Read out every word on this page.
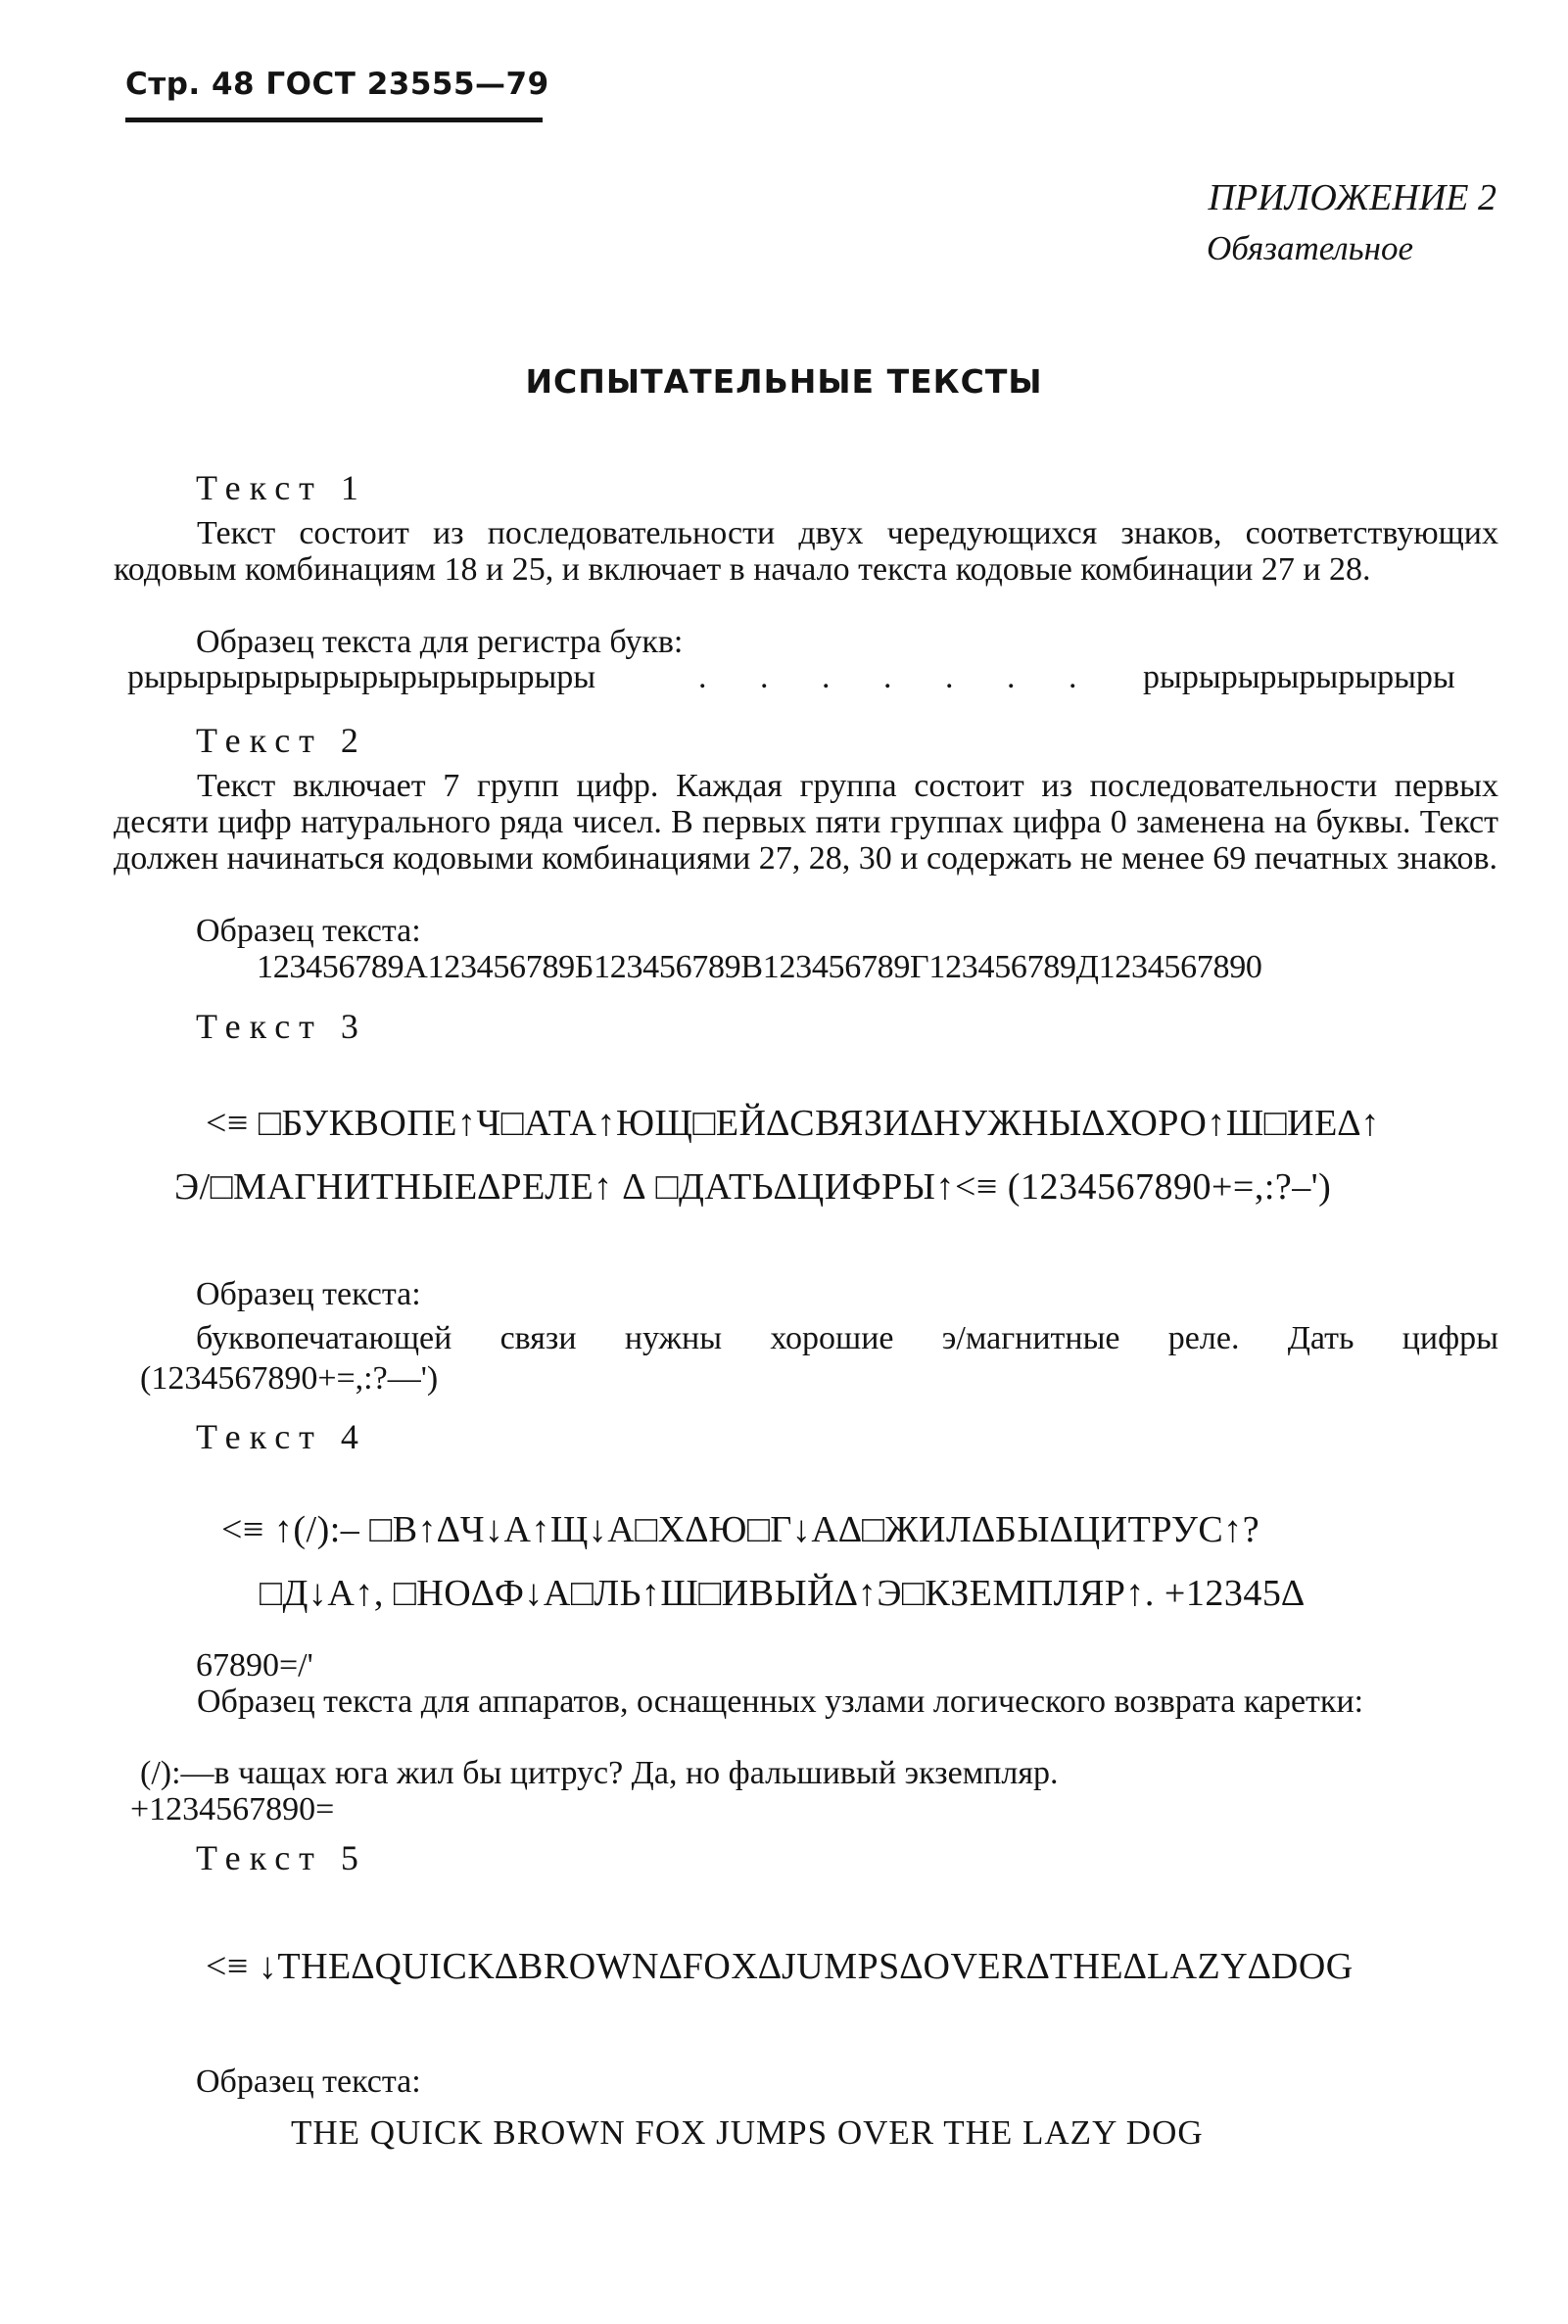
Стр. 48 ГОСТ 23555—79
ПРИЛОЖЕНИЕ 2
Обязательное
ИСПЫТАТЕЛЬНЫЕ ТЕКСТЫ
Текст 1
Текст состоит из последовательности двух чередующихся знаков, соответствующих кодовым комбинациям 18 и 25, и включает в начало текста кодовые комбинации 27 и 28.
Образец текста для регистра букв:
рырырырырырырырырырырыры	. . . . . . . рырырырырырырыры
Текст 2
Текст включает 7 групп цифр. Каждая группа состоит из последовательности первых десяти цифр натурального ряда чисел. В первых пяти группах цифра 0 заменена на буквы. Текст должен начинаться кодовыми комбинациями 27, 28, 30 и содержать не менее 69 печатных знаков.
Образец текста:
123456789А123456789Б123456789В123456789Г123456789Д1234567890
Текст 3
<≡ □БУКВОПЕ↑Ч□АТА↑ЮЩ□ЕЙ∆СВЯЗИ∆НУЖНЫ∆ХОРО↑Ш□ИЕ∆↑
Э/□МАГНИТНЫЕ∆РЕЛЕ↑ ∆ □ДАТЬ∆ЦИФРЫ↑<≡ (1234567890+=,:?–')
Образец текста:
буквопечатающей связи нужны хорошие э/магнитные реле. Дать цифры
(1234567890+=,:?—')
Текст 4
<≡ ↑(/):– □В↑∆Ч↓А↑Щ↓А□Х∆Ю□Г↓А∆□ЖИЛ∆БЫ∆ЦИТРУС↑?
□Д↓А↑, □НО∆Ф↓А□ЛЬ↑Ш□ИВЫЙ∆↑Э□КЗЕМПЛЯР↑. +12345∆
67890=/'
Образец текста для аппаратов, оснащенных узлами логического возврата каретки:
(/):—в чащах юга жил бы цитрус? Да, но фальшивый экземпляр.
+1234567890=
Текст 5
<≡ ↓THE∆QUICK∆BROWN∆FOX∆JUMPS∆OVER∆THE∆LAZY∆DOG
Образец текста:
THE QUICK BROWN FOX JUMPS OVER THE LAZY DOG
